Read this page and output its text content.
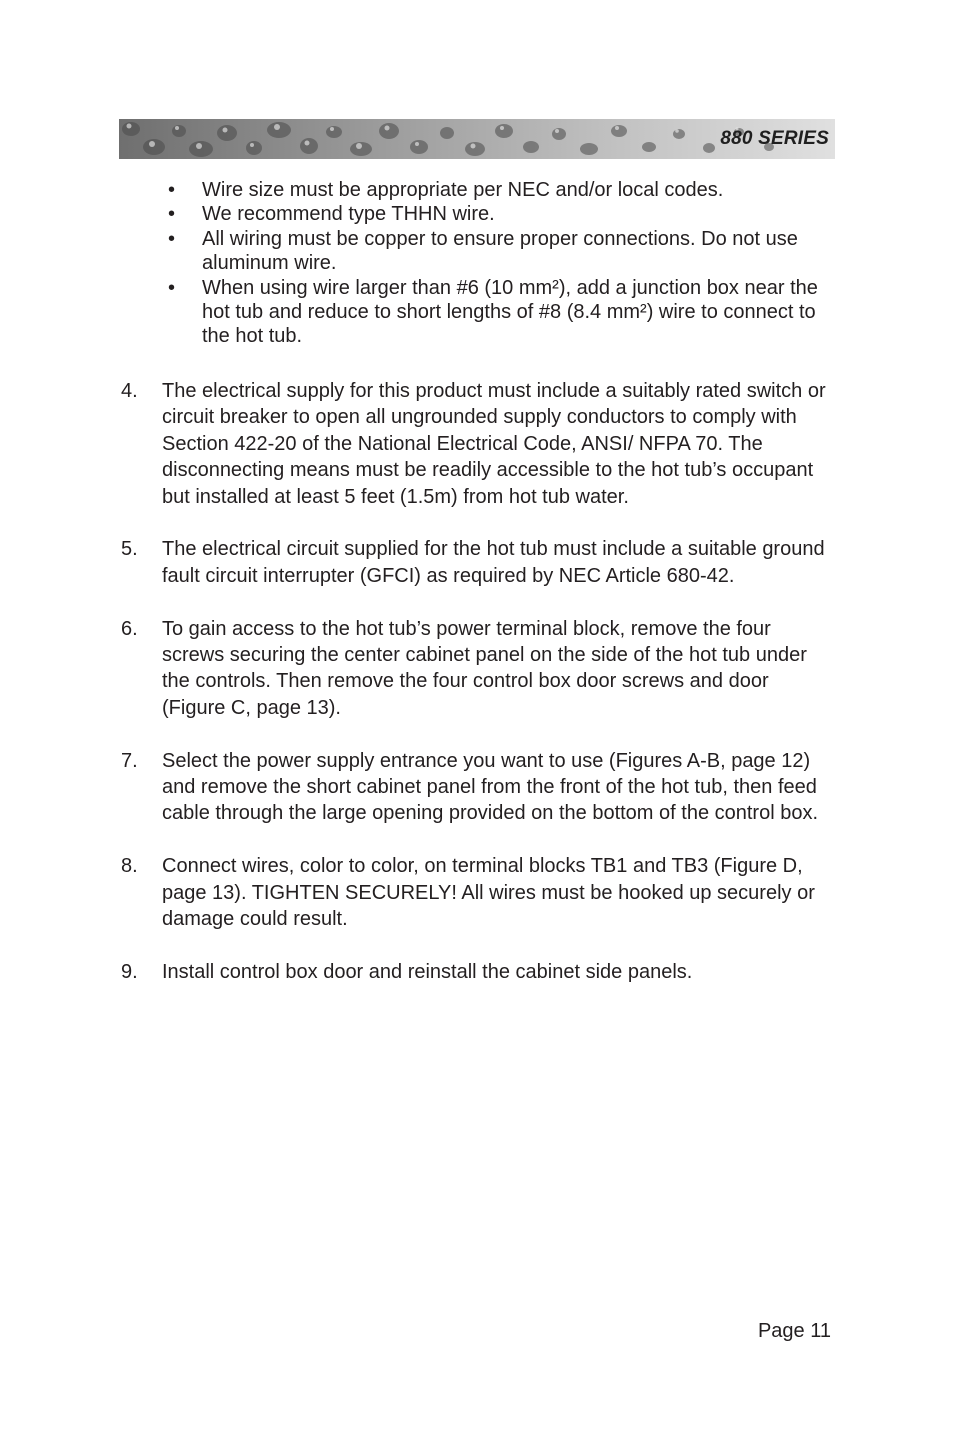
880 SERIES
• Wire size must be appropriate per NEC and/or local codes.
• We recommend type THHN wire.
• All wiring must be copper to ensure proper connections. Do not use aluminum wire.
• When using wire larger than #6 (10 mm²), add a junction box near the hot tub and reduce to short lengths of #8 (8.4 mm²) wire to connect to the hot tub.
4. The electrical supply for this product must include a suitably rated switch or circuit breaker to open all ungrounded supply conductors to comply with Section 422-20 of the National Electrical Code, ANSI/ NFPA 70. The disconnecting means must be readily accessible to the hot tub’s occupant but installed at least 5 feet (1.5m) from hot tub water.
5. The electrical circuit supplied for the hot tub must include a suitable ground fault circuit interrupter (GFCI) as required by NEC Article 680-42.
6. To gain access to the hot tub’s power terminal block, remove the four screws securing the center cabinet panel on the side of the hot tub under the controls. Then remove the four control box door screws and door (Figure C, page 13).
7. Select the power supply entrance you want to use (Figures A-B, page 12) and remove the short cabinet panel from the front of the hot tub, then feed cable through the large opening provided on the bottom of the control box.
8. Connect wires, color to color, on terminal blocks TB1 and TB3 (Figure D, page 13). TIGHTEN SECURELY! All wires must be hooked up securely or damage could result.
9. Install control box door and reinstall the cabinet side panels.
Page 11
